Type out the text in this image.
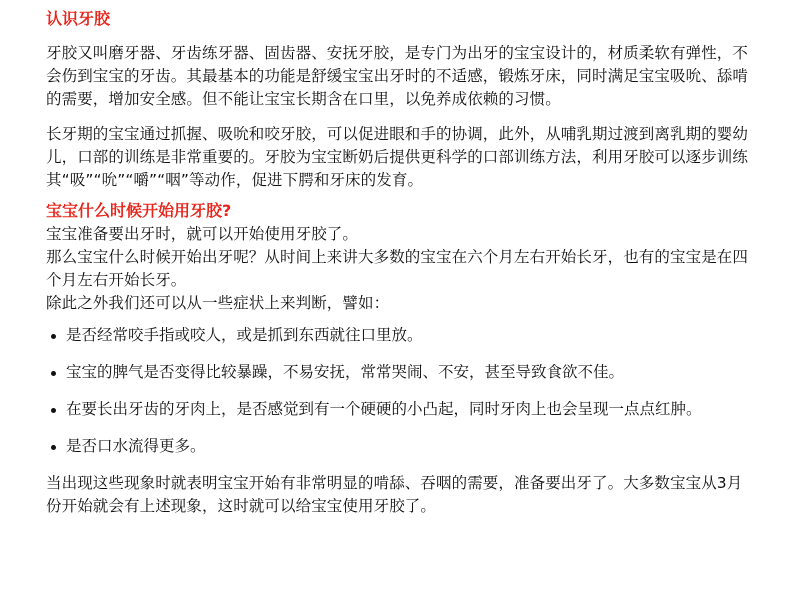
认识牙胶

牙胶又叫磨牙器、牙齿练牙器、固齿器、安抚牙胶，是专门为出牙的宝宝设计的，材质柔软有弹性，不会伤到宝宝的牙齿。其最基本的功能是舒缓宝宝出牙时的不适感，锻炼牙床，同时满足宝宝吸吮、舔啃的需要，增加安全感。但不能让宝宝长期含在口里，以免养成依赖的习惯。

长牙期的宝宝通过抓握、吸吮和咬牙胶，可以促进眼和手的协调，此外，从哺乳期过渡到离乳期的婴幼儿，口部的训练是非常重要的。牙胶为宝宝断奶后提供更科学的口部训练方法，利用牙胶可以逐步训练其“吸”“吮”“嚼”“咽”等动作，促进下腭和牙床的发育。

宝宝什么时候开始用牙胶?

宝宝准备要出牙时，就可以开始使用牙胶了。

那么宝宝什么时候开始出牙呢？从时间上来讲大多数的宝宝在六个月左右开始长牙，也有的宝宝是在四个月左右开始长牙。

除此之外我们还可以从一些症状上来判断，譬如：

是否经常咬手指或咬人，或是抓到东西就往口里放。
宝宝的脾气是否变得比较暴躁，不易安抚，常常哭闹、不安，甚至导致食欲不佳。
在要长出牙齿的牙肉上，是否感觉到有一个硬硬的小凸起，同时牙肉上也会呈现一点点红肿。
是否口水流得更多。

当出现这些现象时就表明宝宝开始有非常明显的啃舔、吞咽的需要，准备要出牙了。大多数宝宝从3月份开始就会有上述现象，这时就可以给宝宝使用牙胶了。
